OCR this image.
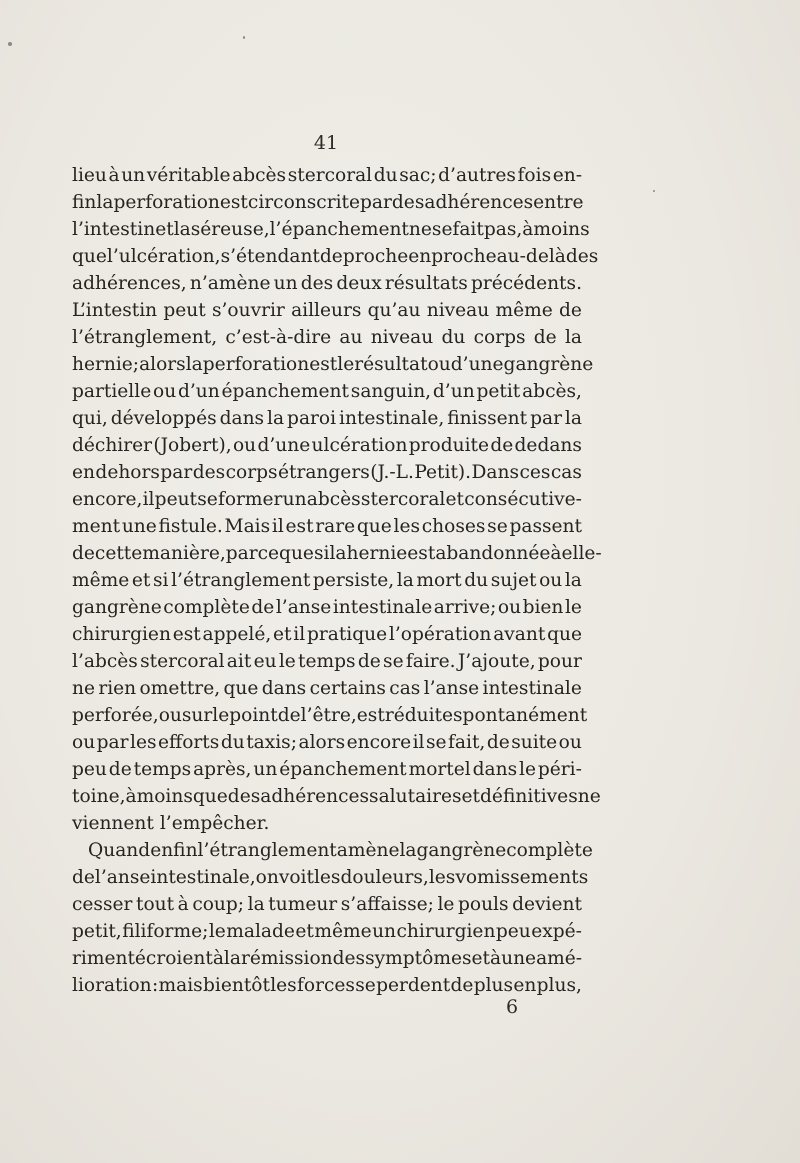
41
lieu à un véritable abcès stercoral du sac; d’autres fois en-
fin la perforation est circonscrite par des adhérences entre
l’intestin et la séreuse, l’épanchement ne se fait pas, à moins
que l’ulcération, s’étendant de proche en proche au-delà des
adhérences, n’amène un des deux résultats précédents.
L’intestin peut s’ouvrir ailleurs qu’au niveau même de
l’étranglement, c’est-à-dire au niveau du corps de la
hernie; alors la perforation est le résultat ou d’une gangrène
partielle ou d’un épanchement sanguin, d’un petit abcès,
qui, développés dans la paroi intestinale, finissent par la
déchirer (Jobert), ou d’une ulcération produite de dedans
en dehors par des corps étrangers (J.-L. Petit). Dans ces cas
encore, il peut se former un abcès stercoral et consécutive-
ment une fistule. Mais il est rare que les choses se passent
de cette manière, parce que si la hernie est abandonnée à elle-
même et si l’étranglement persiste, la mort du sujet ou la
gangrène complète de l’anse intestinale arrive; ou bien le
chirurgien est appelé, et il pratique l’opération avant que
l’abcès stercoral ait eu le temps de se faire. J’ajoute, pour
ne rien omettre, que dans certains cas l’anse intestinale
perforée, ou sur le point de l’être, est réduite spontanément
ou par les efforts du taxis; alors encore il se fait, de suite ou
peu de temps après, un épanchement mortel dans le péri-
toine, à moins que des adhérences salutaires et définitives ne
viennent l’empêcher.
Quand enfin l’étranglement amène la gangrène complète
de l’anse intestinale, on voit les douleurs, les vomissements
cesser tout à coup; la tumeur s’affaisse; le pouls devient
petit, filiforme; le malade et même un chirurgien peu expé-
rimenté croient à la rémission des symptômes et à une amé-
lioration : mais bientôt les forces se perdent de plus en plus,
6
